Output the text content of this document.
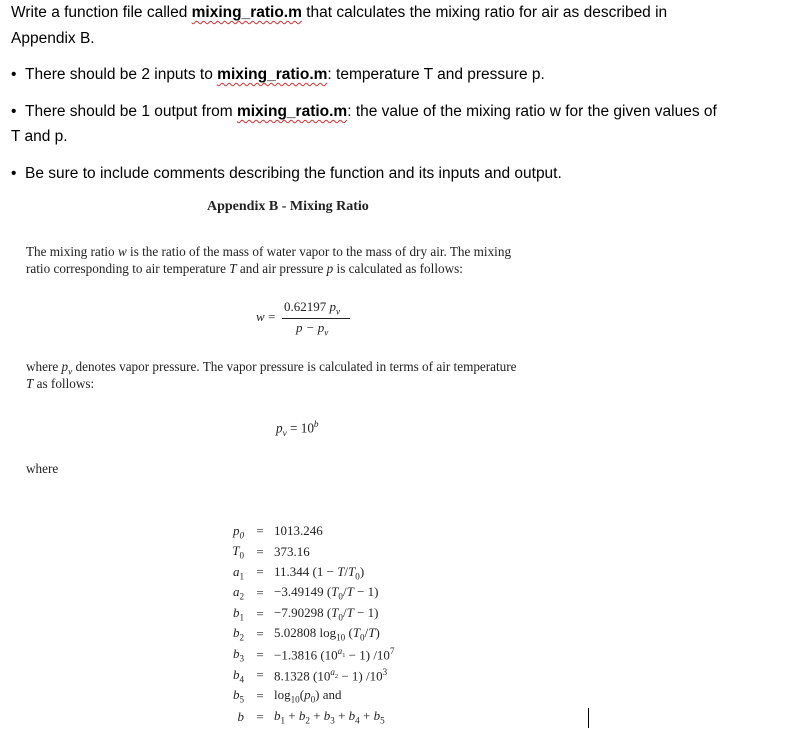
Write a function file called mixing_ratio.m that calculates the mixing ratio for air as described in
Appendix B.
• There should be 2 inputs to mixing_ratio.m: temperature T and pressure p.
• There should be 1 output from mixing_ratio.m: the value of the mixing ratio w for the given values of
T and p.
• Be sure to include comments describing the function and its inputs and output.
Appendix B - Mixing Ratio
The mixing ratio w is the ratio of the mass of water vapor to the mass of dry air. The mixing
ratio corresponding to air temperature T and air pressure p is calculated as follows:
w =
0.62197 $p_v$
$p - p_v$
where $p_v$ denotes vapor pressure. The vapor pressure is calculated in terms of air temperature
T as follows:
$p_v = 10^b$
where
$p_0$	=	1013.246
$T_0$	=	373.16
$a_1$	=	11.344 $(1 - T/T_0)$
$a_2$	=	−3.49149 $(T_0/T - 1)$
$b_1$	=	−7.90298 $(T_0/T - 1)$
$b_2$	=	5.02808 $\log_{10} (T_0/T)$
$b_3$	=	−1.3816 $(10^{a_1} - 1)$ $/10^7$
$b_4$	=	8.1328 $(10^{a_2} - 1)$ $/10^3$
$b_5$	=	$\log_{10}(p_0)$ and
b	=	$b_1 + b_2 + b_3 + b_4 + b_5$
